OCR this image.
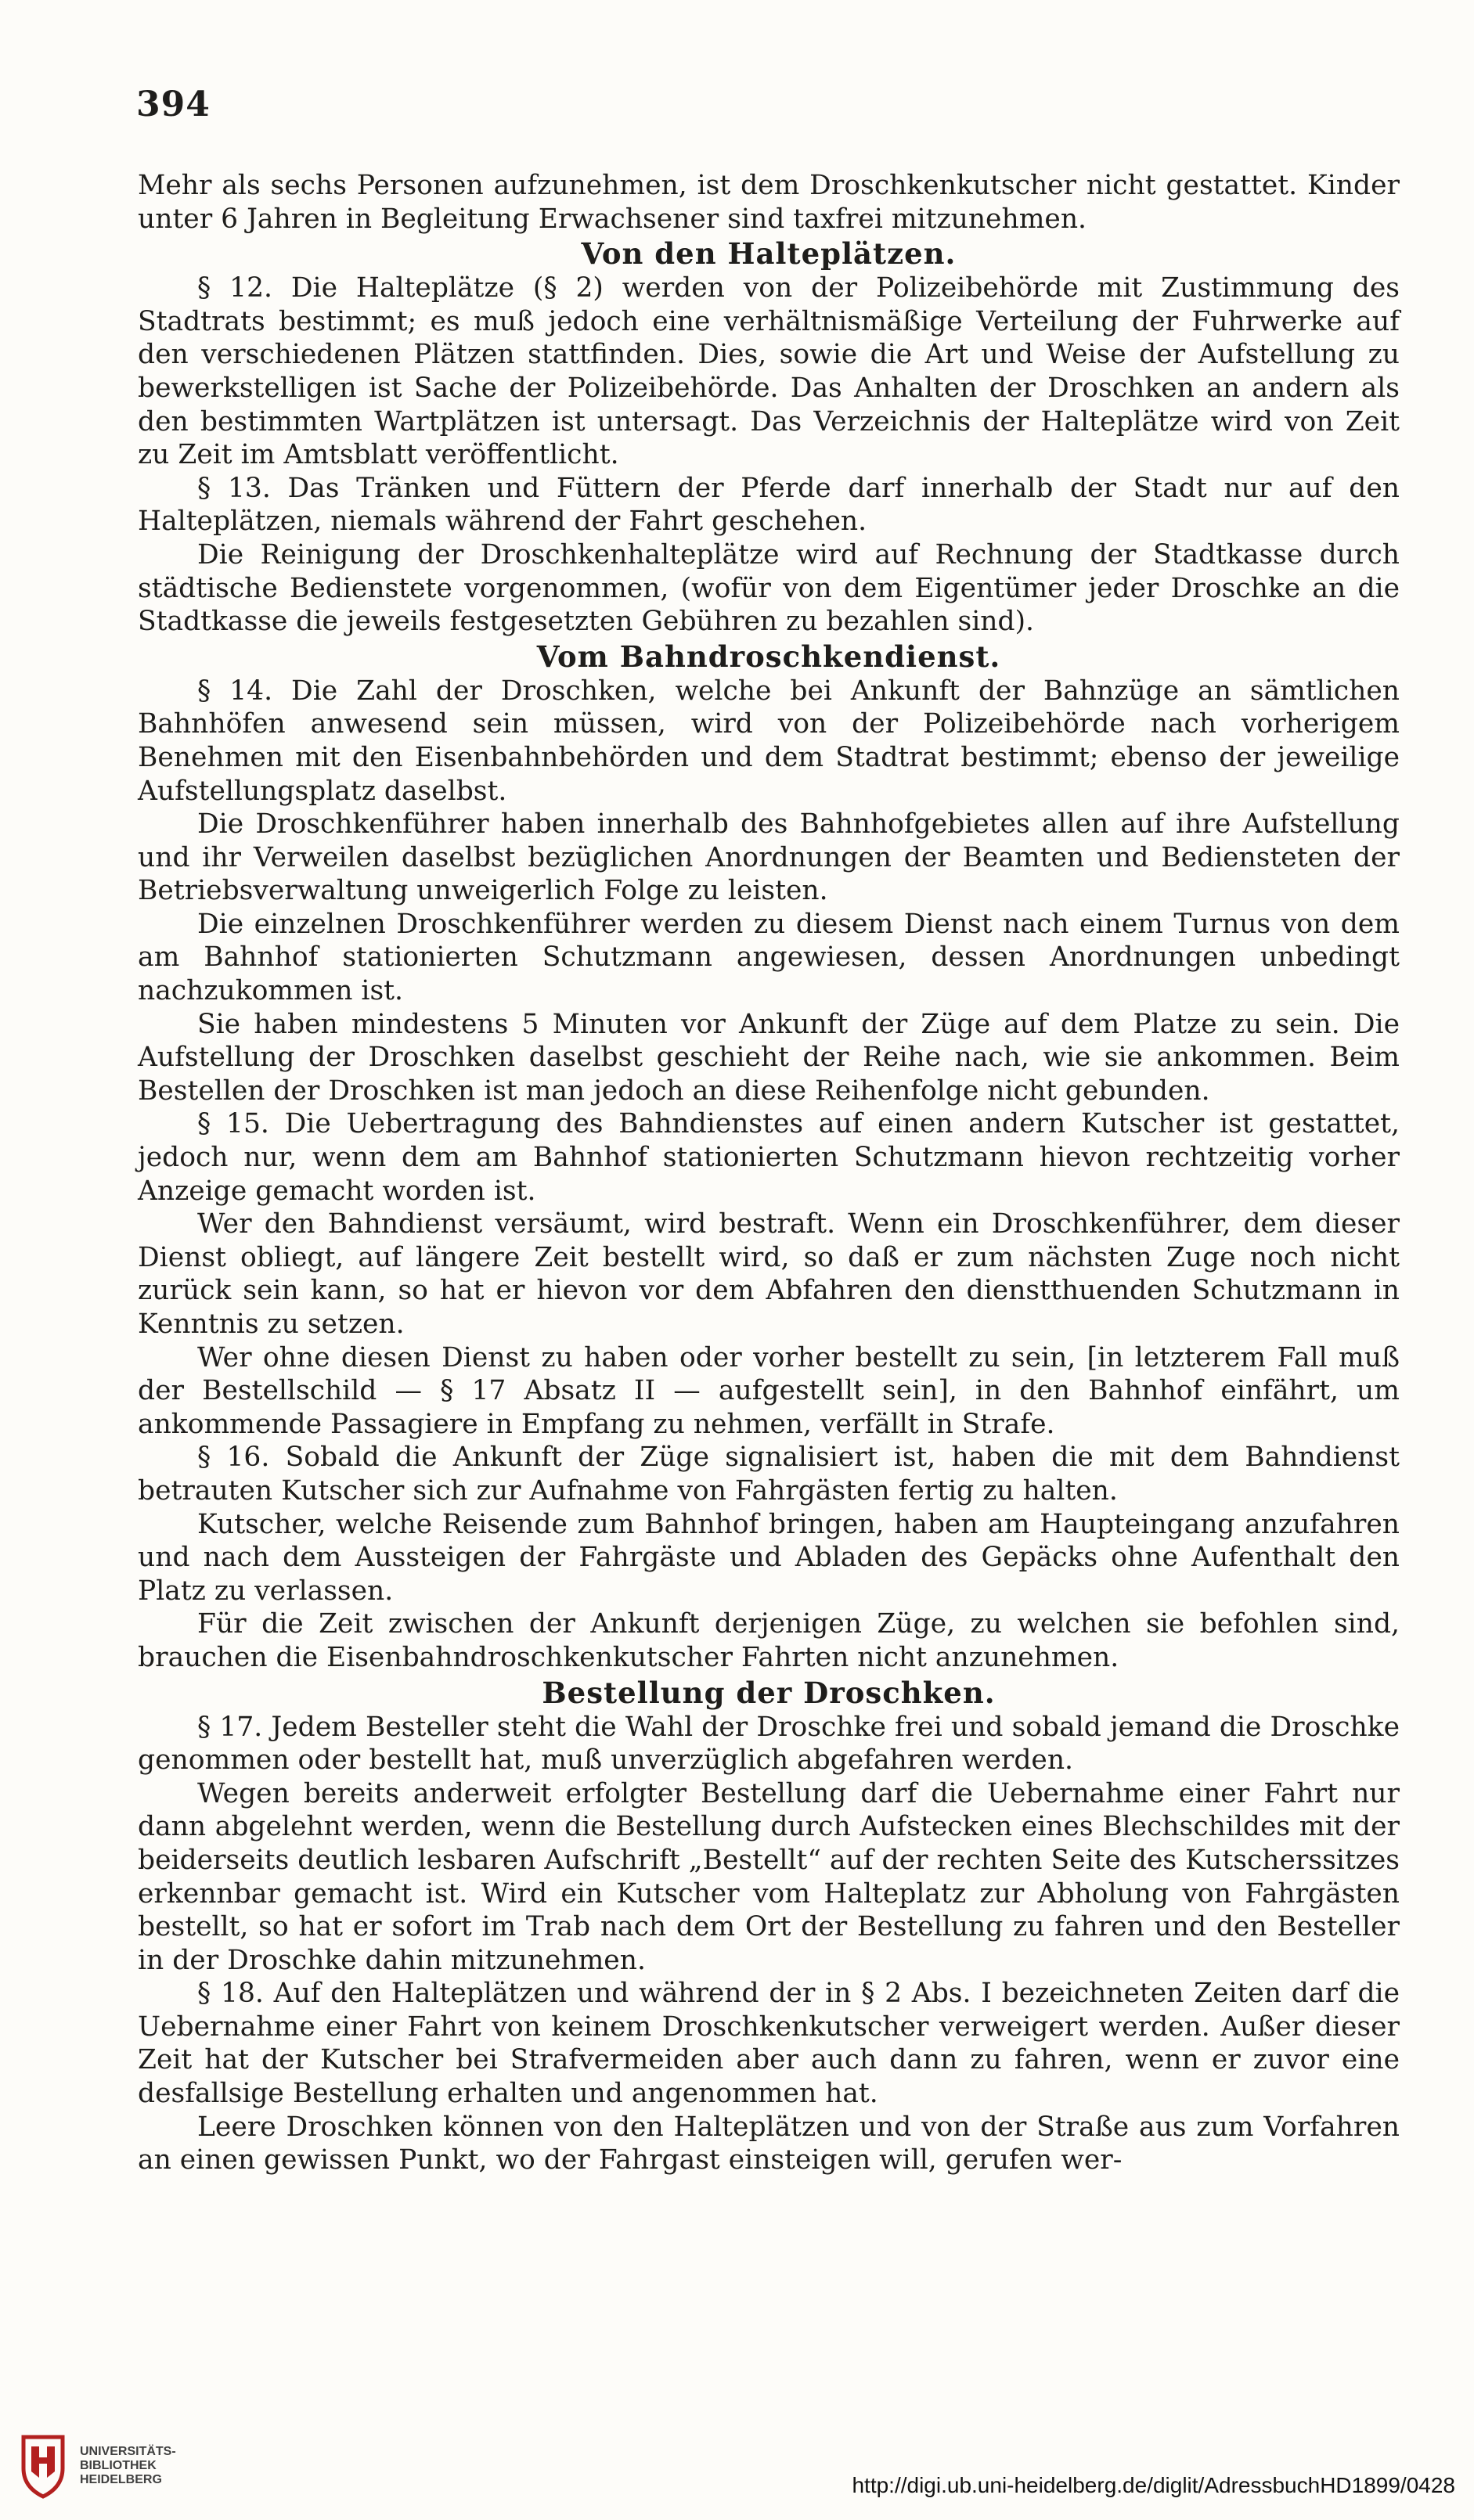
394

Mehr als sechs Personen aufzunehmen, ist dem Droschkenkutscher nicht gestattet. Kinder unter 6 Jahren in Begleitung Erwachsener sind taxfrei mitzunehmen.

Von den Halteplätzen.

§ 12. Die Halteplätze (§ 2) werden von der Polizeibehörde mit Zustimmung des Stadtrats bestimmt; es muß jedoch eine verhältnismäßige Verteilung der Fuhrwerke auf den verschiedenen Plätzen stattfinden. Dies, sowie die Art und Weise der Aufstellung zu bewerkstelligen ist Sache der Polizeibehörde. Das Anhalten der Droschken an andern als den bestimmten Wartplätzen ist untersagt. Das Verzeichnis der Halteplätze wird von Zeit zu Zeit im Amtsblatt veröffentlicht.

§ 13. Das Tränken und Füttern der Pferde darf innerhalb der Stadt nur auf den Halteplätzen, niemals während der Fahrt geschehen.

Die Reinigung der Droschkenhalteplätze wird auf Rechnung der Stadtkasse durch städtische Bedienstete vorgenommen, (wofür von dem Eigentümer jeder Droschke an die Stadtkasse die jeweils festgesetzten Gebühren zu bezahlen sind).

Vom Bahndroschkendienst.

§ 14. Die Zahl der Droschken, welche bei Ankunft der Bahnzüge an sämtlichen Bahnhöfen anwesend sein müssen, wird von der Polizeibehörde nach vorherigem Benehmen mit den Eisenbahnbehörden und dem Stadtrat bestimmt; ebenso der jeweilige Aufstellungsplatz daselbst.

Die Droschkenführer haben innerhalb des Bahnhofgebietes allen auf ihre Aufstellung und ihr Verweilen daselbst bezüglichen Anordnungen der Beamten und Bediensteten der Betriebsverwaltung unweigerlich Folge zu leisten.

Die einzelnen Droschkenführer werden zu diesem Dienst nach einem Turnus von dem am Bahnhof stationierten Schutzmann angewiesen, dessen Anordnungen unbedingt nachzukommen ist.

Sie haben mindestens 5 Minuten vor Ankunft der Züge auf dem Platze zu sein. Die Aufstellung der Droschken daselbst geschieht der Reihe nach, wie sie ankommen. Beim Bestellen der Droschken ist man jedoch an diese Reihenfolge nicht gebunden.

§ 15. Die Uebertragung des Bahndienstes auf einen andern Kutscher ist gestattet, jedoch nur, wenn dem am Bahnhof stationierten Schutzmann hievon rechtzeitig vorher Anzeige gemacht worden ist.

Wer den Bahndienst versäumt, wird bestraft. Wenn ein Droschkenführer, dem dieser Dienst obliegt, auf längere Zeit bestellt wird, so daß er zum nächsten Zuge noch nicht zurück sein kann, so hat er hievon vor dem Abfahren den dienstthuenden Schutzmann in Kenntnis zu setzen.

Wer ohne diesen Dienst zu haben oder vorher bestellt zu sein, [in letzterem Fall muß der Bestellschild — § 17 Absatz II — aufgestellt sein], in den Bahnhof einfährt, um ankommende Passagiere in Empfang zu nehmen, verfällt in Strafe.

§ 16. Sobald die Ankunft der Züge signalisiert ist, haben die mit dem Bahndienst betrauten Kutscher sich zur Aufnahme von Fahrgästen fertig zu halten.

Kutscher, welche Reisende zum Bahnhof bringen, haben am Haupteingang anzufahren und nach dem Aussteigen der Fahrgäste und Abladen des Gepäcks ohne Aufenthalt den Platz zu verlassen.

Für die Zeit zwischen der Ankunft derjenigen Züge, zu welchen sie befohlen sind, brauchen die Eisenbahndroschkenkutscher Fahrten nicht anzunehmen.

Bestellung der Droschken.

§ 17. Jedem Besteller steht die Wahl der Droschke frei und sobald jemand die Droschke genommen oder bestellt hat, muß unverzüglich abgefahren werden.

Wegen bereits anderweit erfolgter Bestellung darf die Uebernahme einer Fahrt nur dann abgelehnt werden, wenn die Bestellung durch Aufstecken eines Blechschildes mit der beiderseits deutlich lesbaren Aufschrift „Bestellt“ auf der rechten Seite des Kutscherssitzes erkennbar gemacht ist. Wird ein Kutscher vom Halteplatz zur Abholung von Fahrgästen bestellt, so hat er sofort im Trab nach dem Ort der Bestellung zu fahren und den Besteller in der Droschke dahin mitzunehmen.

§ 18. Auf den Halteplätzen und während der in § 2 Abs. I bezeichneten Zeiten darf die Uebernahme einer Fahrt von keinem Droschkenkutscher verweigert werden. Außer dieser Zeit hat der Kutscher bei Strafvermeiden aber auch dann zu fahren, wenn er zuvor eine desfallsige Bestellung erhalten und angenommen hat.

Leere Droschken können von den Halteplätzen und von der Straße aus zum Vorfahren an einen gewissen Punkt, wo der Fahrgast einsteigen will, gerufen wer-

UNIVERSITÄTS-
BIBLIOTHEK
HEIDELBERG	http://digi.ub.uni-heidelberg.de/diglit/AdressbuchHD1899/0428
